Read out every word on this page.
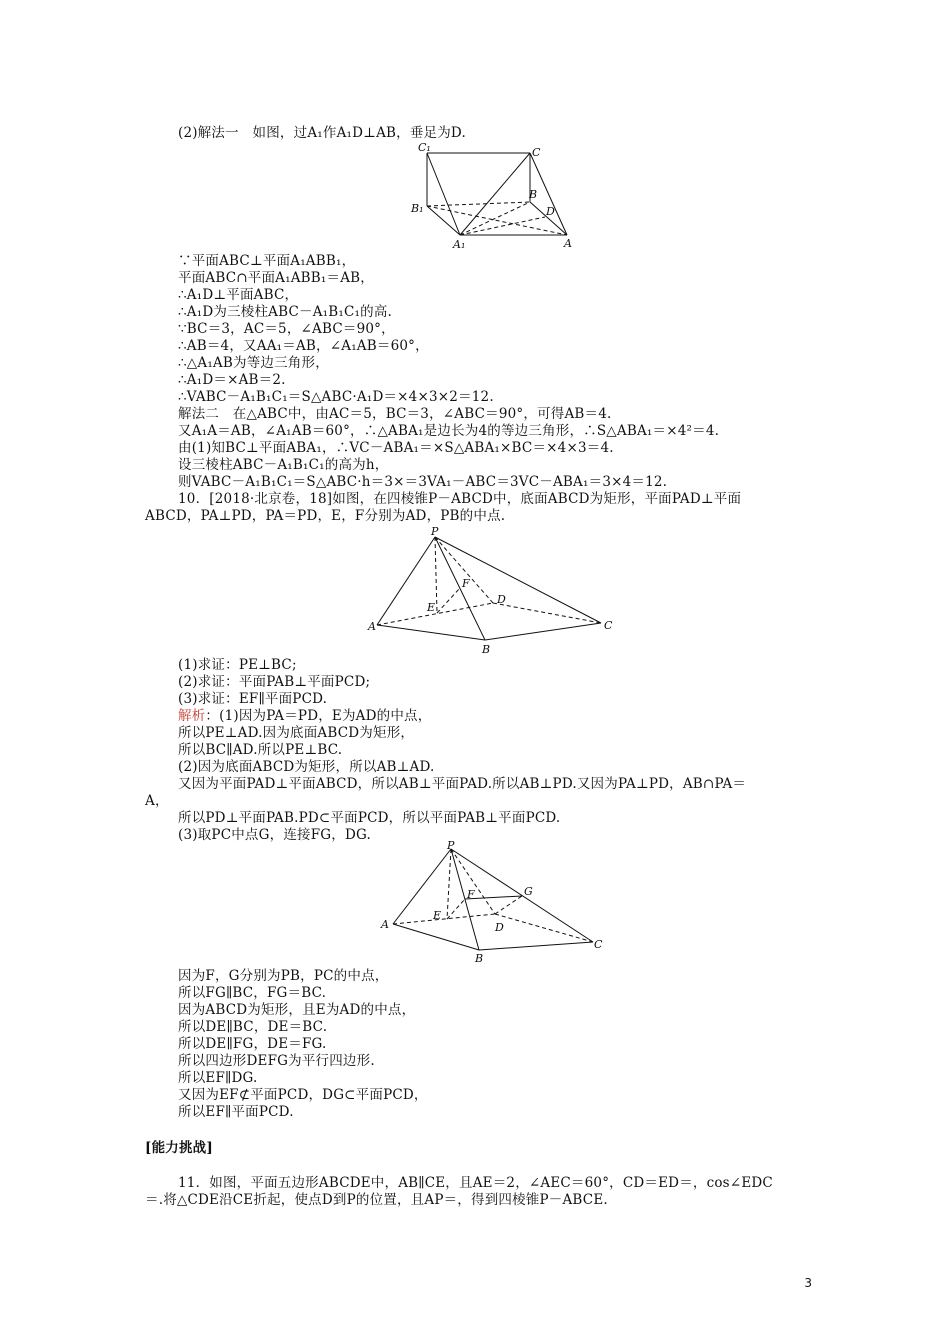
(2)解法一　如图，过A₁作A₁D⊥AB，垂足为D.
C₁	C
B₁
B
D
A₁	A
∵平面ABC⊥平面A₁ABB₁，
平面ABC∩平面A₁ABB₁＝AB，
∴A₁D⊥平面ABC，
∴A₁D为三棱柱ABC－A₁B₁C₁的高.
∵BC＝3，AC＝5，∠ABC＝90°，
∴AB＝4，又AA₁＝AB，∠A₁AB＝60°，
∴△A₁AB为等边三角形，
∴A₁D＝×AB＝2.
∴VABC－A₁B₁C₁＝S△ABC·A₁D＝×4×3×2＝12.
解法二　在△ABC中，由AC＝5，BC＝3，∠ABC＝90°，可得AB＝4.
又A₁A＝AB，∠A₁AB＝60°，∴△ABA₁是边长为4的等边三角形，∴S△ABA₁＝×4²＝4.
由(1)知BC⊥平面ABA₁，∴VC－ABA₁＝×S△ABA₁×BC＝×4×3＝4.
设三棱柱ABC－A₁B₁C₁的高为h，
则VABC－A₁B₁C₁＝S△ABC·h＝3×＝3VA₁－ABC＝3VC－ABA₁＝3×4＝12.
10．[2018·北京卷，18]如图，在四棱锥P－ABCD中，底面ABCD为矩形，平面PAD⊥平面
ABCD，PA⊥PD，PA＝PD，E，F分别为AD，PB的中点.
P
F
E
D
A	C
B
(1)求证：PE⊥BC;
(2)求证：平面PAB⊥平面PCD;
(3)求证：EF∥平面PCD.
解析：(1)因为PA＝PD，E为AD的中点，
所以PE⊥AD.因为底面ABCD为矩形，
所以BC∥AD.所以PE⊥BC.
(2)因为底面ABCD为矩形，所以AB⊥AD.
又因为平面PAD⊥平面ABCD，所以AB⊥平面PAD.所以AB⊥PD.又因为PA⊥PD，AB∩PA＝
A，
所以PD⊥平面PAB.PD⊂平面PCD，所以平面PAB⊥平面PCD.
(3)取PC中点G，连接FG，DG.
P
F	G
E
A	D
C
B
因为F，G分别为PB，PC的中点，
所以FG∥BC，FG＝BC.
因为ABCD为矩形，且E为AD的中点，
所以DE∥BC，DE＝BC.
所以DE∥FG，DE＝FG.
所以四边形DEFG为平行四边形.
所以EF∥DG.
又因为EF⊄平面PCD，DG⊂平面PCD，
所以EF∥平面PCD.
[能力挑战]
11．如图，平面五边形ABCDE中，AB∥CE，且AE＝2，∠AEC＝60°，CD＝ED＝，cos∠EDC
＝.将△CDE沿CE折起，使点D到P的位置，且AP＝，得到四棱锥P－ABCE.
3
